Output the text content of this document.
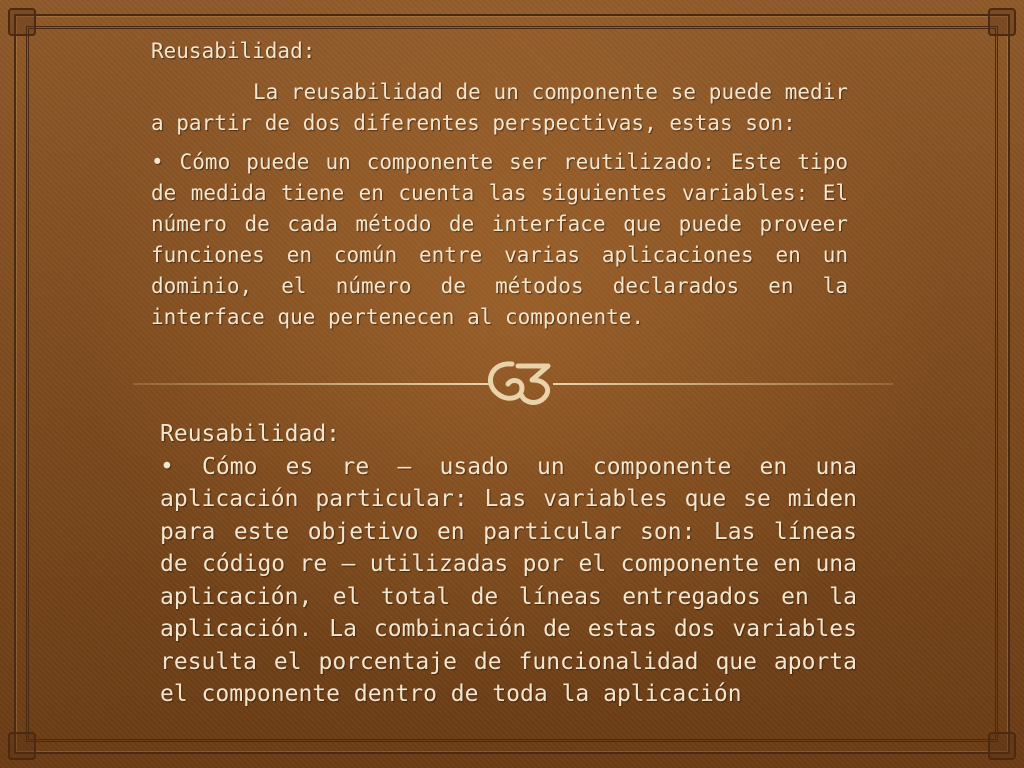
Reusabilidad:

La reusabilidad de un componente se puede medir a partir de dos diferentes perspectivas, estas son:

• Cómo puede un componente ser reutilizado: Este tipo de medida tiene en cuenta las siguientes variables: El número de cada método de interface que puede proveer funciones en común entre varias aplicaciones en un dominio, el número de métodos declarados en la interface que pertenecen al componente.

Reusabilidad:

• Cómo es re – usado un componente en una aplicación particular: Las variables que se miden para este objetivo en particular son: Las líneas de código re – utilizadas por el componente en una aplicación, el total de líneas entregados en la aplicación. La combinación de estas dos variables resulta el porcentaje de funcionalidad que aporta el componente dentro de toda la aplicación
